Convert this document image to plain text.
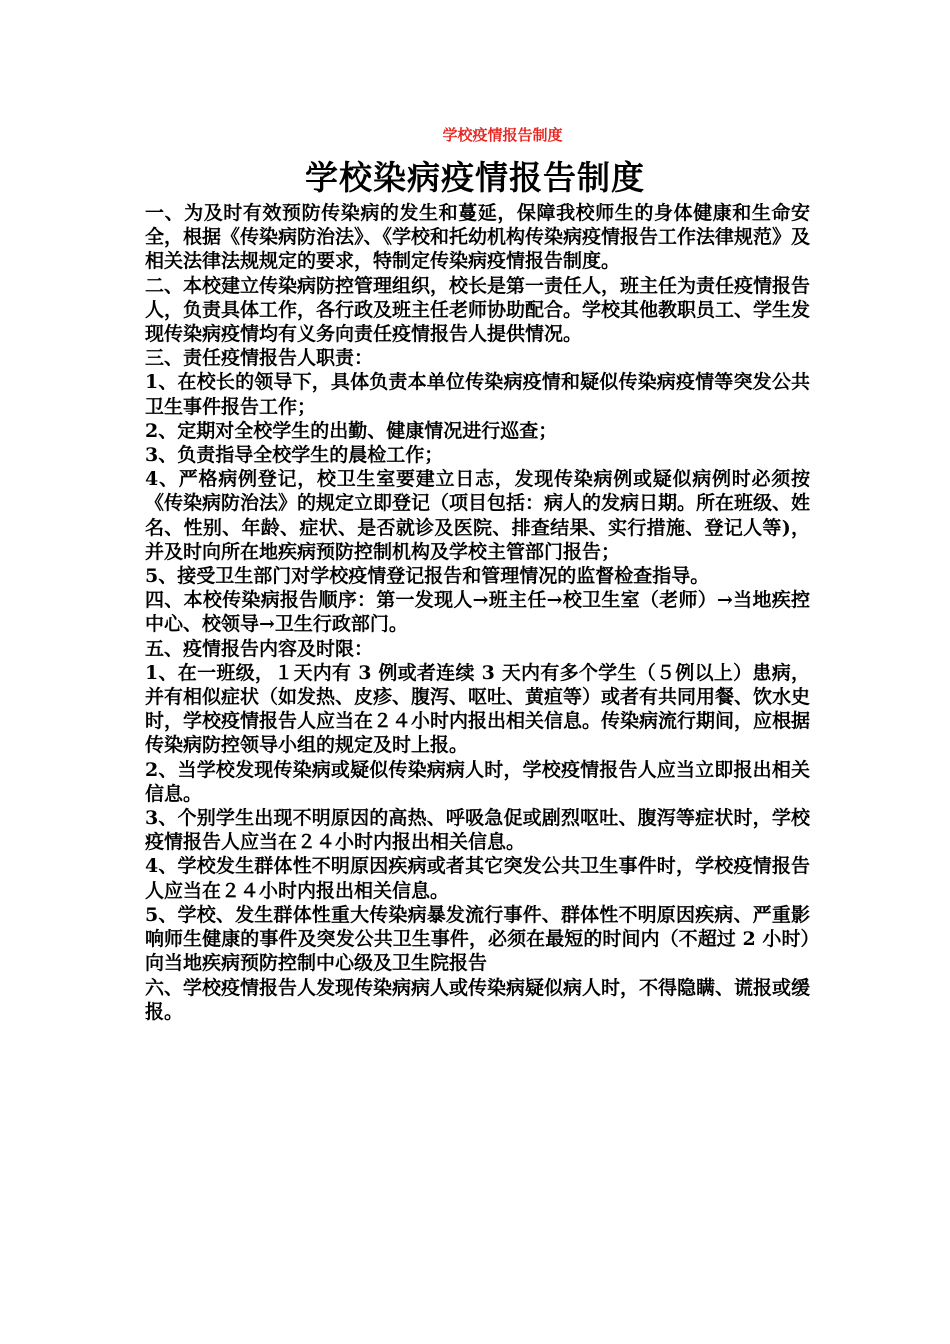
学校疫情报告制度
学校染病疫情报告制度

一、为及时有效预防传染病的发生和蔓延，保障我校师生的身体健康和生命安全，根据《传染病防治法》、《学校和托幼机构传染病疫情报告工作法律规范》及相关法律法规规定的要求，特制定传染病疫情报告制度。

二、本校建立传染病防控管理组织，校长是第一责任人，班主任为责任疫情报告人，负责具体工作，各行政及班主任老师协助配合。学校其他教职员工、学生发现传染病疫情均有义务向责任疫情报告人提供情况。

三、责任疫情报告人职责：

1、在校长的领导下，具体负责本单位传染病疫情和疑似传染病疫情等突发公共卫生事件报告工作；

2、定期对全校学生的出勤、健康情况进行巡查；

3、负责指导全校学生的晨检工作；

4、严格病例登记，校卫生室要建立日志，发现传染病例或疑似病例时必须按《传染病防治法》的规定立即登记（项目包括：病人的发病日期。所在班级、姓名、性别、年龄、症状、是否就诊及医院、排查结果、实行措施、登记人等)，并及时向所在地疾病预防控制机构及学校主管部门报告；

5、接受卫生部门对学校疫情登记报告和管理情况的监督检查指导。

四、本校传染病报告顺序：第一发现人→班主任→校卫生室（老师）→当地疾控中心、校领导→卫生行政部门。

五、疫情报告内容及时限：

1、在一班级，１天内有 3 例或者连续 3 天内有多个学生（５例以上）患病，并有相似症状（如发热、皮疹、腹泻、呕吐、黄疸等）或者有共同用餐、饮水史时，学校疫情报告人应当在２４小时内报出相关信息。传染病流行期间，应根据传染病防控领导小组的规定及时上报。

2、当学校发现传染病或疑似传染病病人时，学校疫情报告人应当立即报出相关信息。

3、个别学生出现不明原因的高热、呼吸急促或剧烈呕吐、腹泻等症状时，学校疫情报告人应当在２４小时内报出相关信息。

4、学校发生群体性不明原因疾病或者其它突发公共卫生事件时，学校疫情报告人应当在２４小时内报出相关信息。

5、学校、发生群体性重大传染病暴发流行事件、群体性不明原因疾病、严重影响师生健康的事件及突发公共卫生事件，必须在最短的时间内（不超过 2 小时）向当地疾病预防控制中心级及卫生院报告

六、学校疫情报告人发现传染病病人或传染病疑似病人时，不得隐瞒、谎报或缓报。
